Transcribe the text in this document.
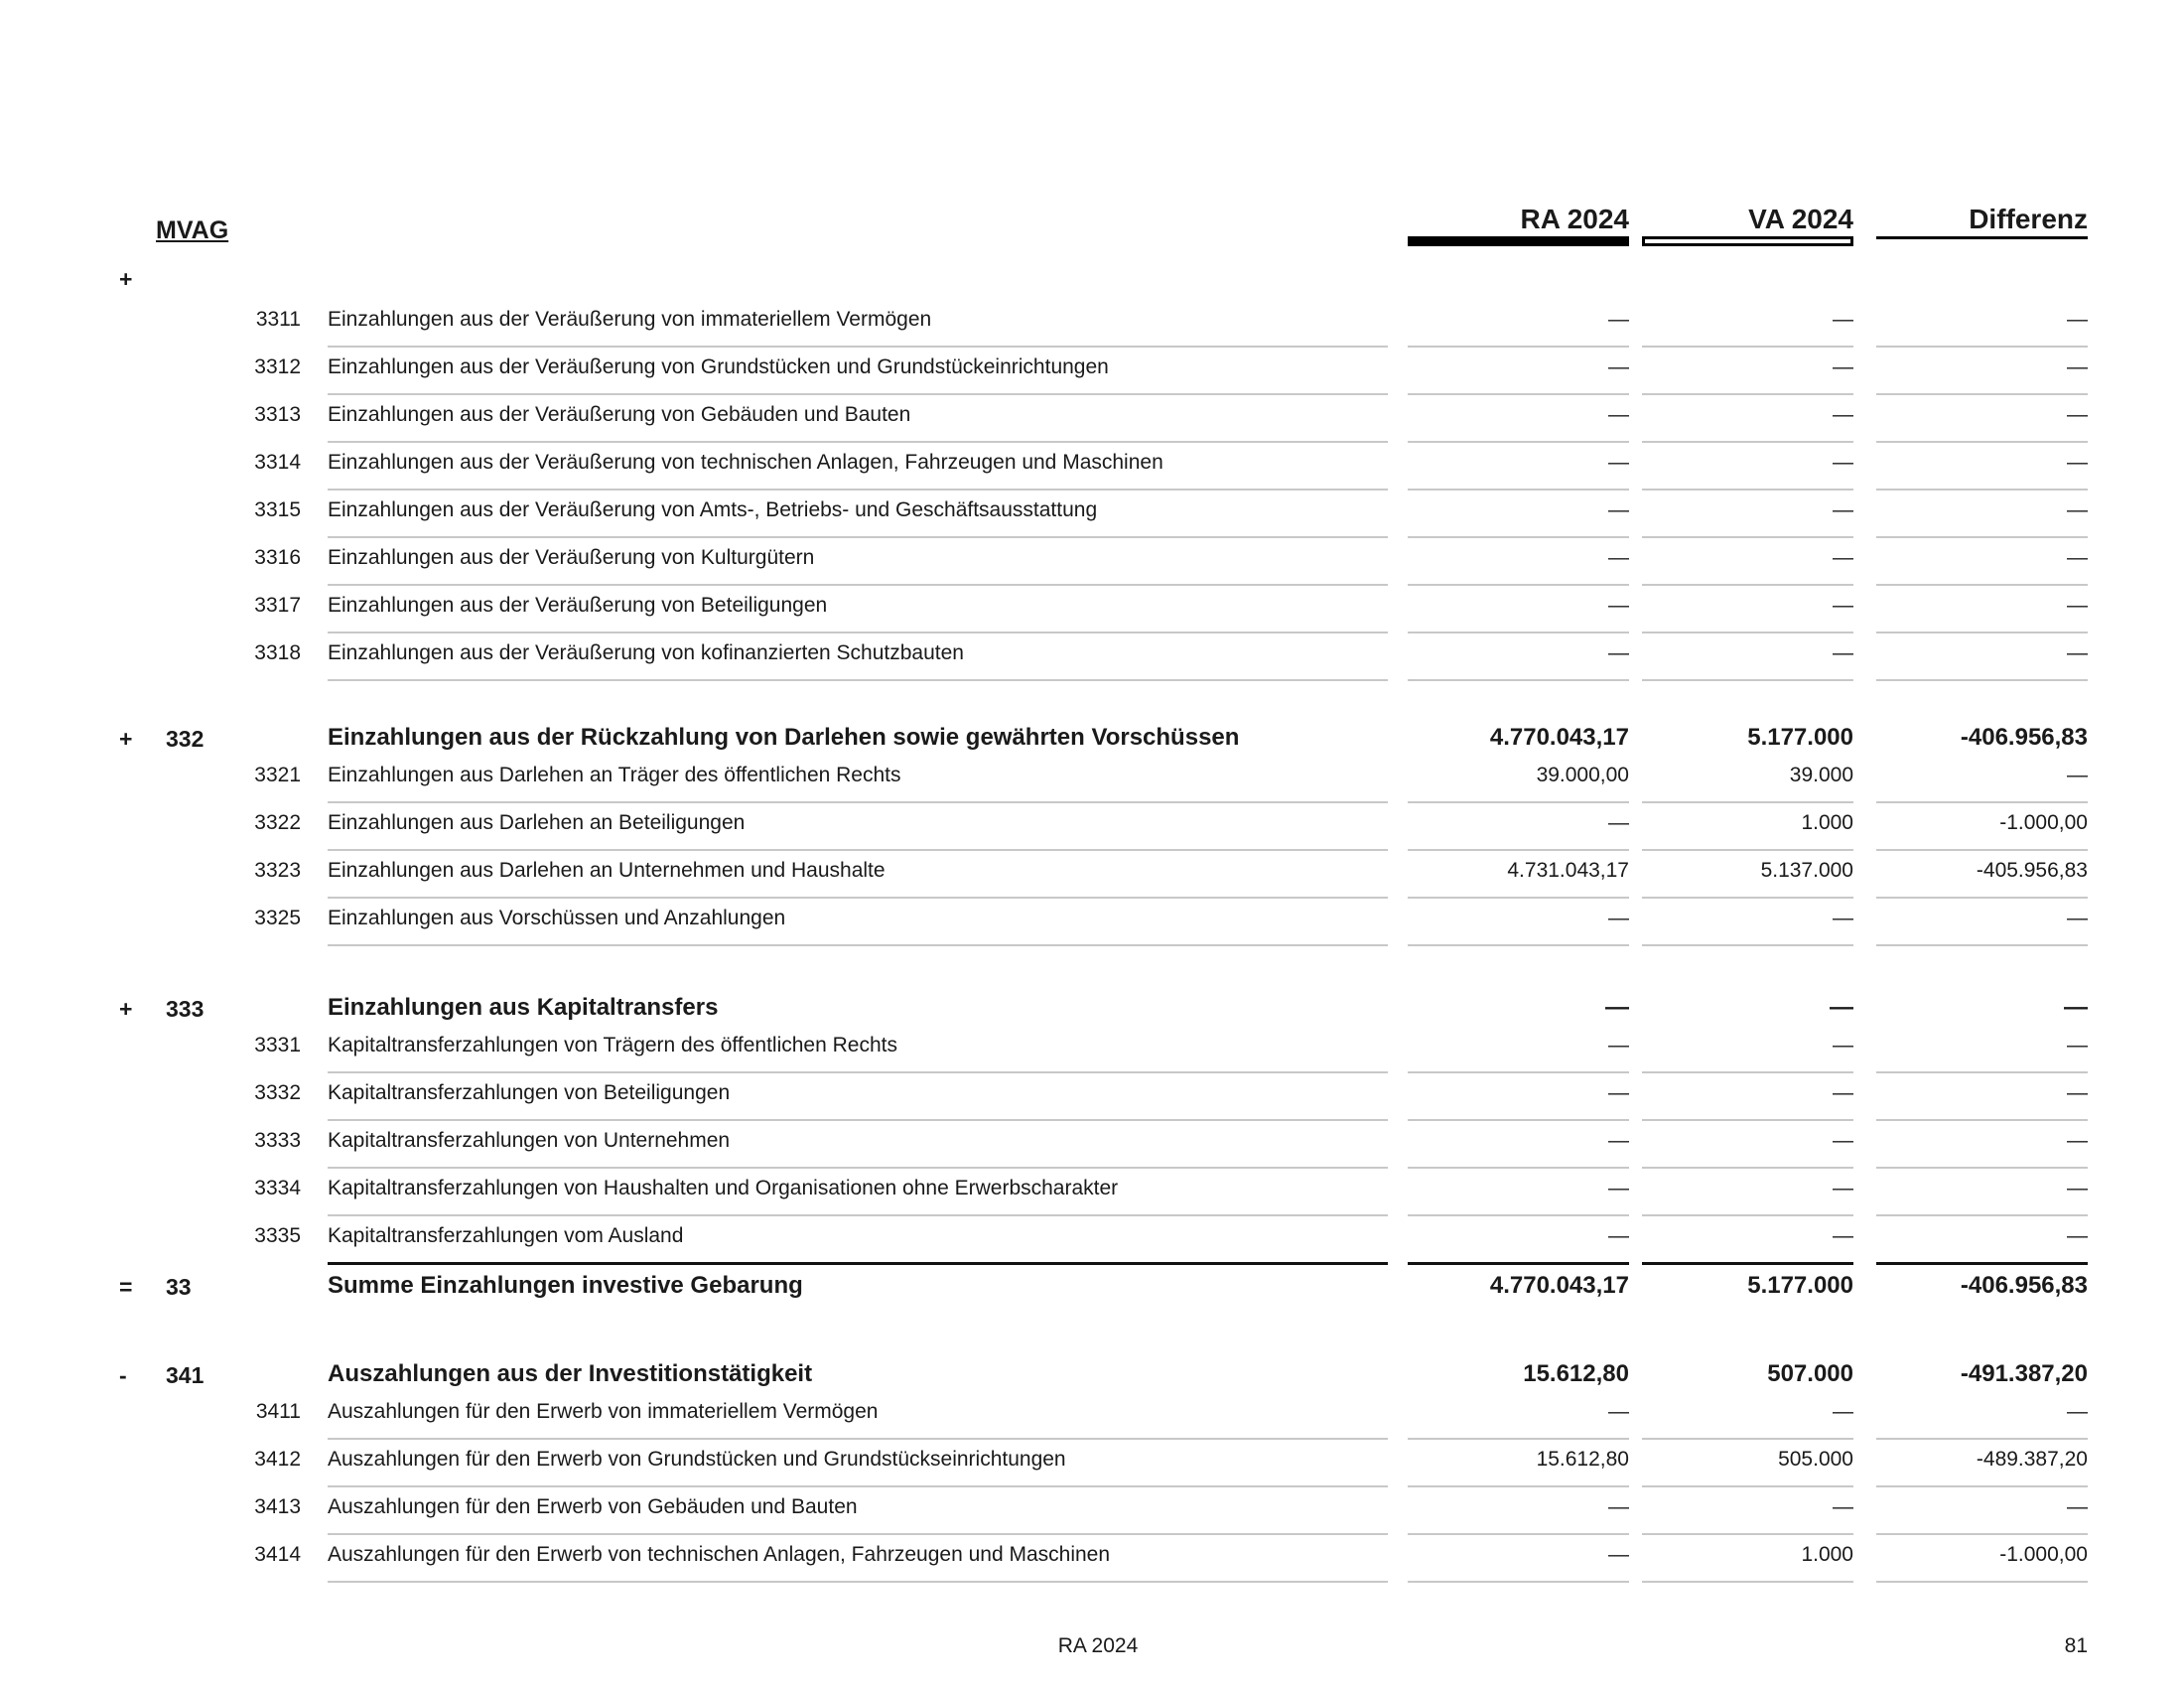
MVAG	RA 2024	VA 2024	Differenz
+
3311 Einzahlungen aus der Veräußerung von immateriellem Vermögen	—	—	—
3312 Einzahlungen aus der Veräußerung von Grundstücken und Grundstückeinrichtungen	—	—	—
3313 Einzahlungen aus der Veräußerung von Gebäuden und Bauten	—	—	—
3314 Einzahlungen aus der Veräußerung von technischen Anlagen, Fahrzeugen und Maschinen	—	—	—
3315 Einzahlungen aus der Veräußerung von Amts-, Betriebs- und Geschäftsausstattung	—	—	—
3316 Einzahlungen aus der Veräußerung von Kulturgütern	—	—	—
3317 Einzahlungen aus der Veräußerung von Beteiligungen	—	—	—
3318 Einzahlungen aus der Veräußerung von kofinanzierten Schutzbauten	—	—	—
+ 332	Einzahlungen aus der Rückzahlung von Darlehen sowie gewährten Vorschüssen	4.770.043,17	5.177.000	-406.956,83
3321 Einzahlungen aus Darlehen an Träger des öffentlichen Rechts	39.000,00	39.000	—
3322 Einzahlungen aus Darlehen an Beteiligungen	—	1.000	-1.000,00
3323 Einzahlungen aus Darlehen an Unternehmen und Haushalte	4.731.043,17	5.137.000	-405.956,83
3325 Einzahlungen aus Vorschüssen und Anzahlungen	—	—	—
+ 333	Einzahlungen aus Kapitaltransfers	—	—	—
3331 Kapitaltransferzahlungen von Trägern des öffentlichen Rechts	—	—	—
3332 Kapitaltransferzahlungen von Beteiligungen	—	—	—
3333 Kapitaltransferzahlungen von Unternehmen	—	—	—
3334 Kapitaltransferzahlungen von Haushalten und Organisationen ohne Erwerbscharakter	—	—	—
3335 Kapitaltransferzahlungen vom Ausland	—	—	—
= 33	Summe Einzahlungen investive Gebarung	4.770.043,17	5.177.000	-406.956,83
- 341	Auszahlungen aus der Investitionstätigkeit	15.612,80	507.000	-491.387,20
3411 Auszahlungen für den Erwerb von immateriellem Vermögen	—	—	—
3412 Auszahlungen für den Erwerb von Grundstücken und Grundstückseinrichtungen	15.612,80	505.000	-489.387,20
3413 Auszahlungen für den Erwerb von Gebäuden und Bauten	—	—	—
3414 Auszahlungen für den Erwerb von technischen Anlagen, Fahrzeugen und Maschinen	—	1.000	-1.000,00
RA 2024	81
